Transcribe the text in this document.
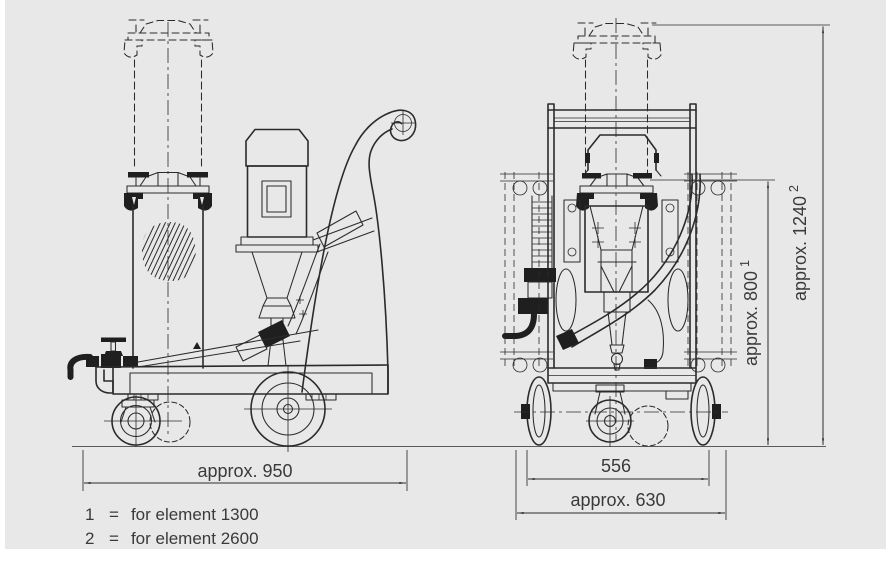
approx. 950	556
approx. 630
approx. $800^1$	approx. 1240$^2$
1 = for element 1300
2 = for element 2600
